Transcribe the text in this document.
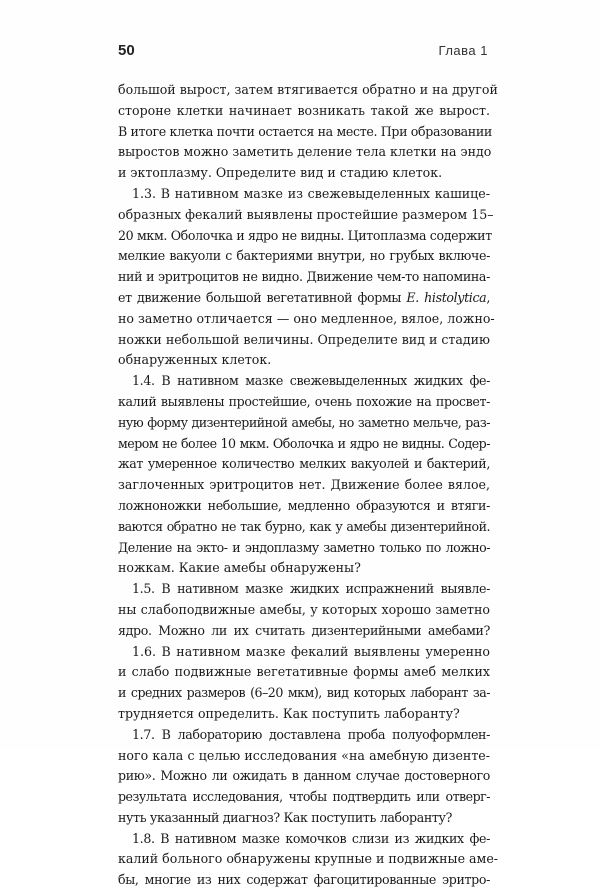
50	Глава 1
большой вырост, затем втягивается обратно и на другой
стороне клетки начинает возникать такой же вырост.
В итоге клетка почти остается на месте. При образовании
выростов можно заметить деление тела клетки на эндо
и эктоплазму. Определите вид и стадию клеток.
1.3. В нативном мазке из свежевыделенных кашице-
образных фекалий выявлены простейшие размером 15–
20 мкм. Оболочка и ядро не видны. Цитоплазма содержит
мелкие вакуоли с бактериями внутри, но грубых включе-
ний и эритроцитов не видно. Движение чем-то напомина-
ет движение большой вегетативной формы E. histolytica,
но заметно отличается — оно медленное, вялое, ложно-
ножки небольшой величины. Определите вид и стадию
обнаруженных клеток.
1.4. В нативном мазке свежевыделенных жидких фе-
калий выявлены простейшие, очень похожие на просвет-
ную форму дизентерийной амебы, но заметно мельче, раз-
мером не более 10 мкм. Оболочка и ядро не видны. Содер-
жат умеренное количество мелких вакуолей и бактерий,
заглоченных эритроцитов нет. Движение более вялое,
ложноножки небольшие, медленно образуются и втяги-
ваются обратно не так бурно, как у амебы дизентерийной.
Деление на экто- и эндоплазму заметно только по ложно-
ножкам. Какие амебы обнаружены?
1.5. В нативном мазке жидких испражнений выявле-
ны слабоподвижные амебы, у которых хорошо заметно
ядро. Можно ли их считать дизентерийными амебами?
1.6. В нативном мазке фекалий выявлены умеренно
и слабо подвижные вегетативные формы амеб мелких
и средних размеров (6–20 мкм), вид которых лаборант за-
трудняется определить. Как поступить лаборанту?
1.7. В лабораторию доставлена проба полуоформлен-
ного кала с целью исследования «на амебную дизенте-
рию». Можно ли ожидать в данном случае достоверного
результата исследования, чтобы подтвердить или отверг-
нуть указанный диагноз? Как поступить лаборанту?
1.8. В нативном мазке комочков слизи из жидких фе-
калий больного обнаружены крупные и подвижные аме-
бы, многие из них содержат фагоцитированные эритро-
